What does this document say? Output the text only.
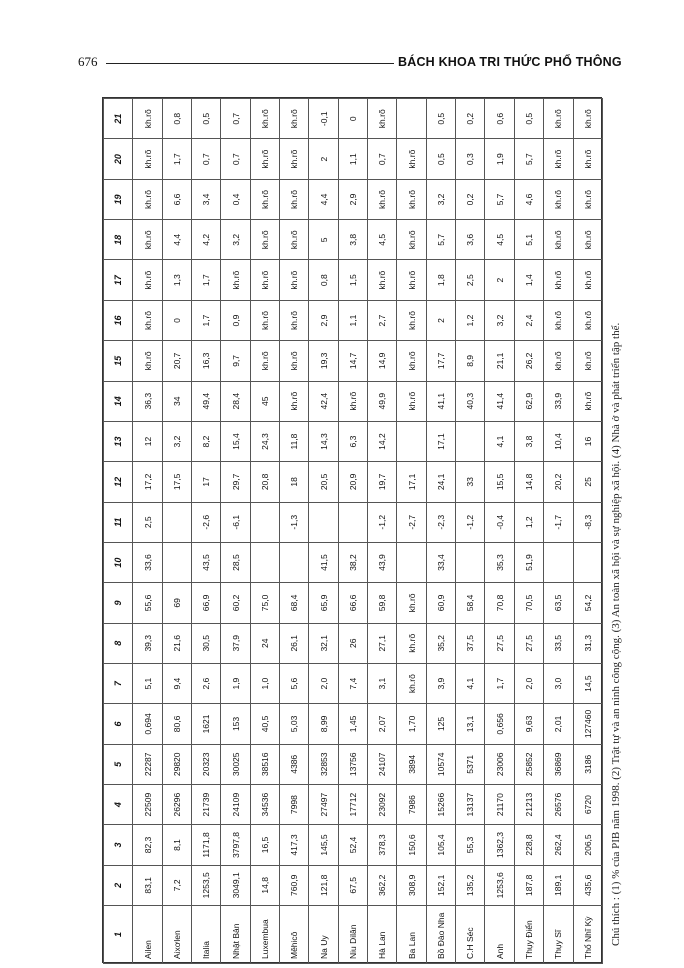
676	BÁCH KHOA TRI THỨC PHỔ THÔNG
1	2	3	4	5	6	7	8	9	10	11	12	13	14	15	16	17	18	19	20	21
Ailen	83,1	82,3	22509	22287	0,694	5,1	39,3	55,6	33,6	2,5	17,2	12	36,3	kh.rõ	kh.rõ	kh.rõ	kh.rõ	kh.rõ	kh.rõ	kh.rõ
Aixơlen	7,2	8,1	26296	29820	80,6	9,4	21,6	69			17,5	3,2	34	20,7	0	1,3	4,4	6,6	1,7	0,8
Italia	1253,5	1171,8	21739	20323	1621	2,6	30,5	66,9	43,5	-2,6	17	8,2	49,4	16,3	1,7	1,7	4,2	3,4	0,7	0,5
Nhật Bản	3049,1	3797,8	24109	30025	153	1,9	37,9	60,2	28,5	-6,1	29,7	15,4	28,4	9,7	0,9	kh.rõ	3,2	0,4	0,7	0,7
Luxembua	14,8	16,5	34536	38516	40,5	1,0	24	75,0			20,8	24,3	45	kh.rõ	kh.rõ	kh.rõ	kh.rõ	kh.rõ	kh.rõ	kh.rõ
Mêhicô	760,9	417,3	7998	4386	5,03	5,6	26,1	68,4		-1,3	18	11,8	kh.rõ	kh.rõ	kh.rõ	kh.rõ	kh.rõ	kh.rõ	kh.rõ	kh.rõ
Na Uy	121,8	145,5	27497	32853	8,99	2,0	32,1	65,9	41,5		20,5	14,3	42,4	19,3	2,9	0,8	5	4,4	2	-0,1
Niu Dilân	67,5	52,4	17712	13756	1,45	7,4	26	66,6	38,2		20,9	6,3	kh.rõ	14,7	1,1	1,5	3,8	2,9	1,1	0
Hà Lan	362,2	378,3	23092	24107	2,07	3,1	27,1	59,8	43,9	-1,2	19,7	14,2	49,9	14,9	2,7	kh.rõ	4,5	kh.rõ	0,7	kh.rõ
Ba Lan	308,9	150,6	7986	3894	1,70	kh.rõ	kh.rõ	kh.rõ		-2,7	17,1		kh.rõ	kh.rõ	kh.rõ	kh.rõ	kh.rõ	kh.rõ	kh.rõ	
Bồ Đào Nha	152,1	105,4	15266	10574	125	3,9	35,2	60,9	33,4	-2,3	24,1	17,1	41,1	17,7	2	1,8	5,7	3,2	0,5	0,5
C.H Séc	135,2	55,3	13137	5371	13,1	4,1	37,5	58,4		-1,2	33		40,3	8,9	1,2	2,5	3,6	0,2	0,3	0,2
Anh	1253,6	1362,3	21170	23006	0,656	1,7	27,5	70,8	35,3	-0,4	15,5	4,1	41,4	21,1	3,2	2	4,5	5,7	1,9	0,6
Thụy Điển	187,8	228,8	21213	25852	9,63	2,0	27,5	70,5	51,9	1,2	14,8	3,8	62,9	26,2	2,4	1,4	5,1	4,6	5,7	0,5
Thụy Sĩ	189,1	262,4	26576	36869	2,01	3,0	33,5	63,5		-1,7	20,2	10,4	33,9	kh.rõ	kh.rõ	kh.rõ	kh.rõ	kh.rõ	kh.rõ	kh.rõ
Thổ Nhĩ Kỳ	435,6	206,5	6720	3186	127460	14,5	31,3	54,2		-8,3	25	16	kh.rõ	kh.rõ	kh.rõ	kh.rõ	kh.rõ	kh.rõ	kh.rõ	kh.rõ
Chú thích : (1) % của PIB năm 1998. (2) Trật tự và an ninh công cộng. (3) An toàn xã hội và sự nghiệp xã hội. (4) Nhà ở và phát triển tập thể.
